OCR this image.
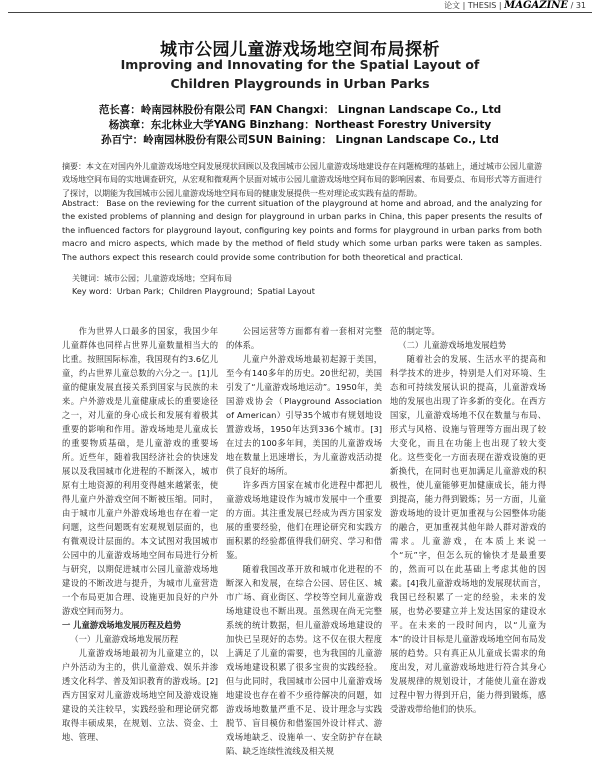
论文 | THESIS | MAGAZINE / 31
城市公园儿童游戏场地空间布局探析
Improving and Innovating for the Spatial Layout of Children Playgrounds in Urban Parks
范长喜：岭南园林股份有限公司 FAN Changxi： Lingnan Landscape Co., Ltd
杨滨章：东北林业大学YANG Binzhang：Northeast Forestry University
孙百宁：岭南园林股份有限公司SUN Baining： Lingnan Landscape Co., Ltd
摘要：本文在对国内外儿童游戏场地空间发展现状回顾以及我国城市公园儿童游戏场地建设存在问题梳理的基础上，通过城市公园儿童游戏场地空间布局的实地调查研究，从宏观和微观两个层面对城市公园儿童游戏场地空间布局的影响因素、布局要点、布局形式等方面进行了探讨，以期能为我国城市公园儿童游戏场地空间布局的健康发展提供一些对理论或实践有益的帮助。
Abstract： Base on the reviewing for the current situation of the playground at home and abroad, and the analyzing for the existed problems of planning and design for playground in urban parks in China, this paper presents the results of the influenced factors for playground layout, configuring key points and forms for playground in urban parks from both macro and micro aspects, which made by the method of field study which some urban parks were taken as samples. The authors expect this research could provide some contribution for both theoretical and practical.
关键词：城市公园；儿童游戏场地；空间布局
Key word：Urban Park；Children Playground；Spatial Layout

作为世界人口最多的国家，我国少年儿童群体也同样占世界儿童数量相当大的比重。按照国际标准，我国现有约3.6亿儿童，约占世界儿童总数的六分之一。[1]儿童的健康发展直接关系到国家与民族的未来。户外游戏是儿童健康成长的重要途径之一，对儿童的身心成长和发展有着极其重要的影响和作用。游戏场地是儿童成长的重要物质基础，是儿童游戏的重要场所。近些年，随着我国经济社会的快速发展以及我国城市化进程的不断深入，城市原有土地资源的利用变得越来越紧张，使得儿童户外游戏空间不断被压缩。同时，由于城市儿童户外游戏场地也存在着一定问题，这些问题既有宏观规划层面的，也有微观设计层面的。本文试图对我国城市公园中的儿童游戏场地空间布局进行分析与研究，以期促进城市公园儿童游戏场地建设的不断改进与提升，为城市儿童营造一个布局更加合理、设施更加良好的户外游戏空间而努力。

一 儿童游戏场地发展历程及趋势

（一）儿童游戏场地发展历程

儿童游戏场地最初为儿童建立的，以户外活动为主的，供儿童游戏、娱乐并渗透文化科学、普及知识教育的游戏场。[2]西方国家对儿童游戏场地空间及游戏设施建设的关注较早，实践经验和理论研究都取得丰硕成果，在规划、立法、资金、土地、管理、

公园运营等方面都有着一套相对完整的体系。

儿童户外游戏场地最初起源于美国，至今有140多年的历史。20世纪初，美国引发了“儿童游戏场地运动”。1950年，美国游戏协会（Playground Association of American）引导35个城市有规划地设置游戏场，1950年达到336个城市。[3]在过去的100多年间，美国的儿童游戏场地在数量上迅速增长，为儿童游戏活动提供了良好的场所。

许多西方国家在城市化进程中都把儿童游戏场地建设作为城市发展中一个重要的方面。其注重发展已经成为西方国家发展的重要经验，他们在理论研究和实践方面积累的经验都值得我们研究、学习和借鉴。

随着我国改革开放和城市化进程的不断深入和发展，在综合公园、居住区、城市广场、商业街区、学校等空间儿童游戏场地建设也不断出现。虽然现在尚无完整系统的统计数据，但儿童游戏场地建设的加快已呈现好的态势。这不仅在很大程度上满足了儿童的需要，也为我国的儿童游戏场地建设积累了很多宝贵的实践经验。但与此同时，我国城市公园中儿童游戏场地建设也存在着不少亟待解决的问题，如游戏场地数量严重不足、设计理念与实践脱节、盲目模仿和借鉴国外设计样式、游戏场地缺乏、设施单一、安全防护存在缺陷、缺乏连续性流线及相关规

范的制定等。

（二）儿童游戏场地发展趋势

随着社会的发展、生活水平的提高和科学技术的进步，特别是人们对环境、生态和可持续发展认识的提高，儿童游戏场地的发展也出现了许多新的变化。在西方国家，儿童游戏场地不仅在数量与布局、形式与风格、设施与管理等方面出现了较大变化，而且在功能上也出现了较大变化。这些变化一方面表现在游戏设施的更新换代，在同时也更加满足儿童游戏的积极性，使儿童能够更加健康成长，能力得到提高，能力得到锻炼；另一方面，儿童游戏场地的设计更加重视与公园整体功能的融合，更加重视其他年龄人群对游戏的需求。儿童游戏，在本质上来说一个“玩”字，但怎么玩的愉快才是最重要的，然而可以在此基础上考虑其他的因素。[4]我儿童游戏场地的发展现状而言，我国已经积累了一定的经验，未来的发展，也势必要建立并上发达国家的建设水平。在未来的一段时间内，以“儿童为本”的设计目标是儿童游戏场地空间布局发展的趋势。只有真正从儿童成长需求的角度出发，对儿童游戏场地进行符合其身心发展规律的规划设计，才能使儿童在游戏过程中智力得到开启，能力得到锻炼，感受游戏带给他们的快乐。
